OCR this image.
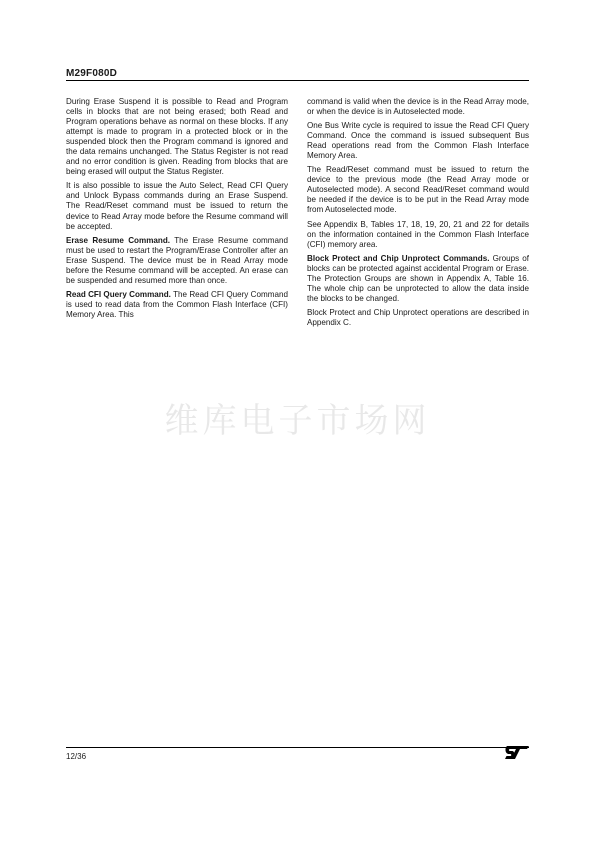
M29F080D

During Erase Suspend it is possible to Read and Program cells in blocks that are not being erased; both Read and Program operations behave as normal on these blocks. If any attempt is made to program in a protected block or in the suspended block then the Program command is ignored and the data remains unchanged. The Status Register is not read and no error condition is given. Reading from blocks that are being erased will output the Status Register.

It is also possible to issue the Auto Select, Read CFI Query and Unlock Bypass commands during an Erase Suspend. The Read/Reset command must be issued to return the device to Read Array mode before the Resume command will be accepted.

Erase Resume Command. The Erase Resume command must be used to restart the Program/Erase Controller after an Erase Suspend. The device must be in Read Array mode before the Resume command will be accepted. An erase can be suspended and resumed more than once.

Read CFI Query Command. The Read CFI Query Command is used to read data from the Common Flash Interface (CFI) Memory Area. This

command is valid when the device is in the Read Array mode, or when the device is in Autoselected mode.

One Bus Write cycle is required to issue the Read CFI Query Command. Once the command is issued subsequent Bus Read operations read from the Common Flash Interface Memory Area.

The Read/Reset command must be issued to return the device to the previous mode (the Read Array mode or Autoselected mode). A second Read/Reset command would be needed if the device is to be put in the Read Array mode from Autoselected mode.

See Appendix B, Tables 17, 18, 19, 20, 21 and 22 for details on the information contained in the Common Flash Interface (CFI) memory area.

Block Protect and Chip Unprotect Commands. Groups of blocks can be protected against accidental Program or Erase. The Protection Groups are shown in Appendix A, Table 16. The whole chip can be unprotected to allow the data inside the blocks to be changed.

Block Protect and Chip Unprotect operations are described in Appendix C.

维库电子市场网
12/36
